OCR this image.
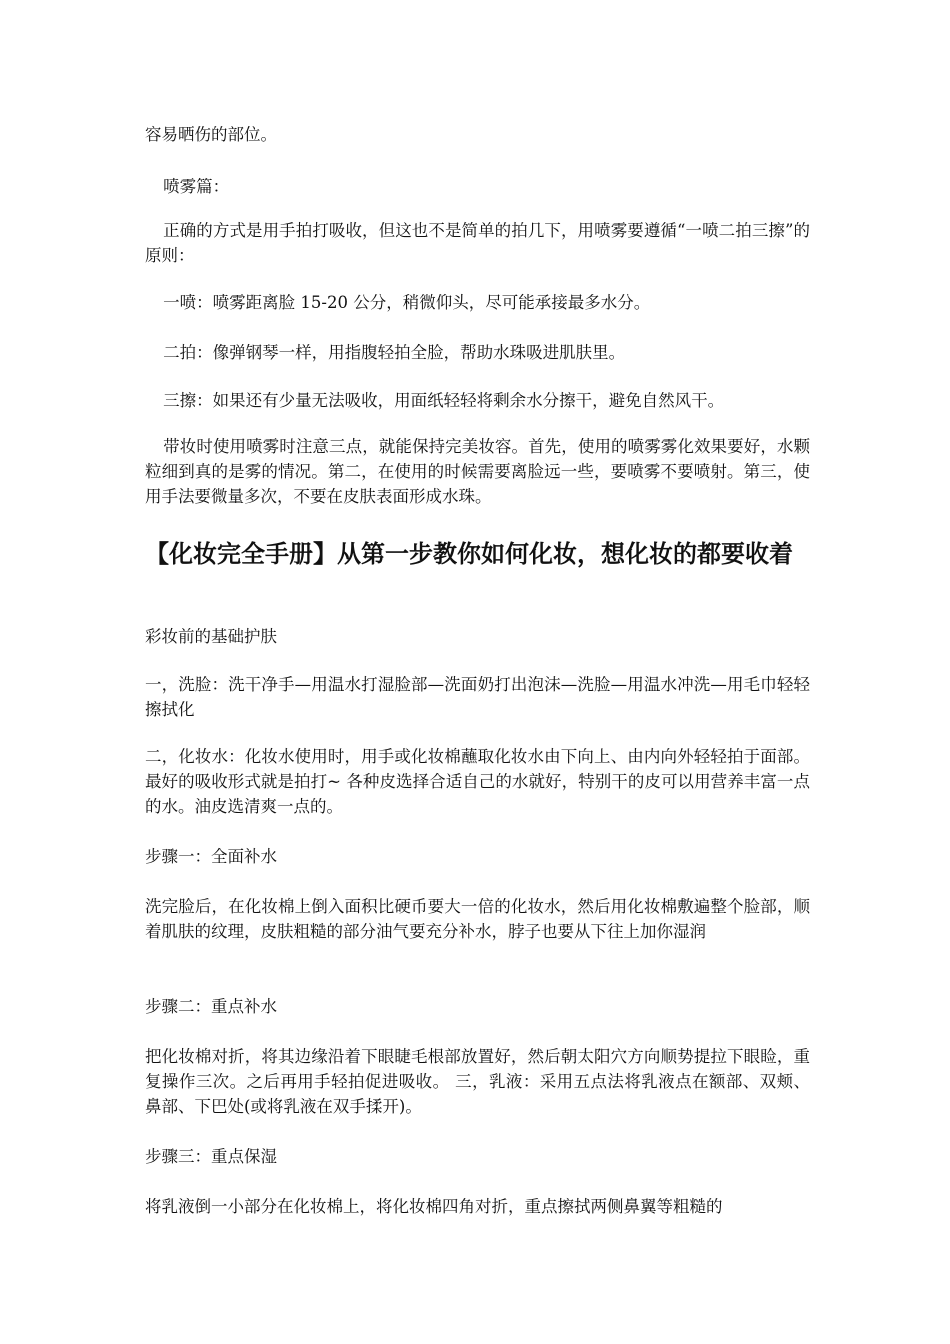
容易晒伤的部位。

喷雾篇：

正确的方式是用手拍打吸收，但这也不是简单的拍几下，用喷雾要遵循“一喷二拍三擦”的原则：

一喷：喷雾距离脸 15-20 公分，稍微仰头，尽可能承接最多水分。

二拍：像弹钢琴一样，用指腹轻拍全脸，帮助水珠吸进肌肤里。

三擦：如果还有少量无法吸收，用面纸轻轻将剩余水分擦干，避免自然风干。

带妆时使用喷雾时注意三点，就能保持完美妆容。首先，使用的喷雾雾化效果要好，水颗粒细到真的是雾的情况。第二，在使用的时候需要离脸远一些，要喷雾不要喷射。第三，使用手法要微量多次，不要在皮肤表面形成水珠。

【化妆完全手册】从第一步教你如何化妆，想化妆的都要收着

彩妆前的基础护肤

一，洗脸：洗干净手—用温水打湿脸部—洗面奶打出泡沫—洗脸—用温水冲洗—用毛巾轻轻擦拭化

二，化妆水：化妆水使用时，用手或化妆棉蘸取化妆水由下向上、由内向外轻轻拍于面部。最好的吸收形式就是拍打~ 各种皮选择合适自己的水就好，特别干的皮可以用营养丰富一点的水。油皮选清爽一点的。

步骤一：全面补水

洗完脸后，在化妆棉上倒入面积比硬币要大一倍的化妆水，然后用化妆棉敷遍整个脸部，顺着肌肤的纹理，皮肤粗糙的部分油气要充分补水，脖子也要从下往上加你湿润

步骤二：重点补水

把化妆棉对折，将其边缘沿着下眼睫毛根部放置好，然后朝太阳穴方向顺势提拉下眼睑，重复操作三次。之后再用手轻拍促进吸收。 三，乳液：采用五点法将乳液点在额部、双颊、鼻部、下巴处(或将乳液在双手揉开)。

步骤三：重点保湿

将乳液倒一小部分在化妆棉上，将化妆棉四角对折，重点擦拭两侧鼻翼等粗糙的
